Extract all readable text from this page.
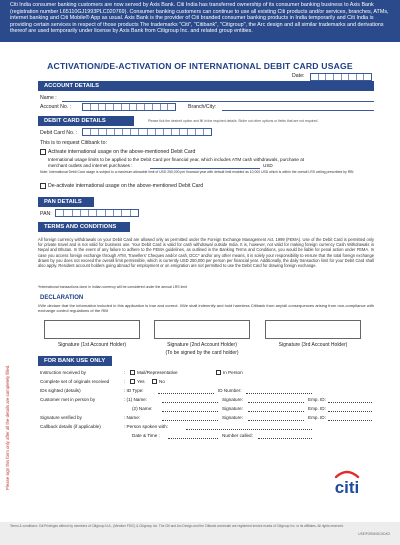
Citi India consumer banking customers are now served by Axis Bank. Citi India has transferred ownership of its consumer banking business to Axis Bank (registration number L65110GJ1993PLC020769). Consumer banking customers can continue to use all existing Citi products and/or services, branches, ATMs, internet banking and Citi Mobile® App as usual. Axis Bank is the provider of Citi branded consumer banking products in India temporarily and Citi India is providing certain services in respect of those products The trademarks "Citi", "Citibank", "Citigroup", the Arc design and all similar trademarks and derivations thereof are used temporarily under license by Axis Bank from Citigroup Inc. and related group entities.

ACTIVATION/DE-ACTIVATION OF INTERNATIONAL DEBIT CARD USAGE
Date:
ACCOUNT DETAILS
Name :
Account No. :	Branch/City:
DEBIT CARD DETAILS	Please tick the desired option and fill in the required details. Strike out other options or fields that are not required.
Debit Card No. :
This is to request Citibank to:
Activate international usage on the above-mentioned Debit Card
International usage limits to be applied to the Debit Card per financial year, which includes ATM cash withdrawals, purchase at
merchant outlets and internet purchases :	USD
Note: International Debit Card usage is subject to a maximum allowable limit of USD 250,000 per financial year with default limit enabled as 10,000 USD which is within the overall LRS ceiling prescribed by RBI
De-activate international usage on the above-mentioned Debit Card
PAN DETAILS
PAN:
TERMS AND CONDITIONS
All foreign currency withdrawals on your Debit Card are allowed only as permitted under the Foreign Exchange Management Act, 1999 (FEMA). Use of the Debit Card is permitted only for private travel and is not valid for business use. Your Debit Card is valid for cash withdrawal outside India. It is, however, not valid for making foreign currency Cash Withdrawals in Nepal and Bhutan. In the event of any failure to adhere to the FEMA guidelines, as outlined in the Banking Terms and Conditions, you would be liable for penal action under FEMA. In case you access foreign exchange through ATM, Travellers' Cheques and/or cash, DCC* and/or any other means, it is solely your responsibility to ensure that the total foreign exchange drawn by you does not exceed the overall limit permissible, which is currently USD 250,000 per person per financial year. Additionally, the daily transaction limit for your Debit Card shall also apply. Resident account holders going abroad for employment or on emigration are not permitted to use the Debit Card for drawing foreign exchange.
*International transactions done in Indian currency will be considered under the annual LRS limit
DECLARATION
I/We declare that the information included in this application is true and correct. I/We shall indemnify and hold harmless Citibank from any/all consequences arising from non-compliance with exchange control regulations of the RBI
Signature (1st Account Holder)	Signature (2nd Account Holder)	Signature (3rd Account Holder)
(To be signed by the card holder)
FOR BANK USE ONLY
Instruction received by	:	Mail/Representative	In Person
Complete set of originals received	:	Yes	No
IDs sighted (details)	: ID Type:	ID Number:
Customer met in person by	: (1) Name:	Signature:	Emp. ID:
(2) Name:	Signature:	Emp. ID:
Signature verified by	: Name:	Signature:	Emp. ID:
Callback details (if applicable)	: Person spoken with:
Date & Time :	Number called:
Please sign this form only after all the details are completely filled.	citi
Terms & conditions: Citi Privileges offered by members of Citigroup N.A., (Member FDIC) & Citigroup Inc. The Citi and Arc Design and the Citibank wordmark are registered service marks of Citigroup Inc. or its affiliates. All rights reserved.
USE/FORM/IDC/ID/02
